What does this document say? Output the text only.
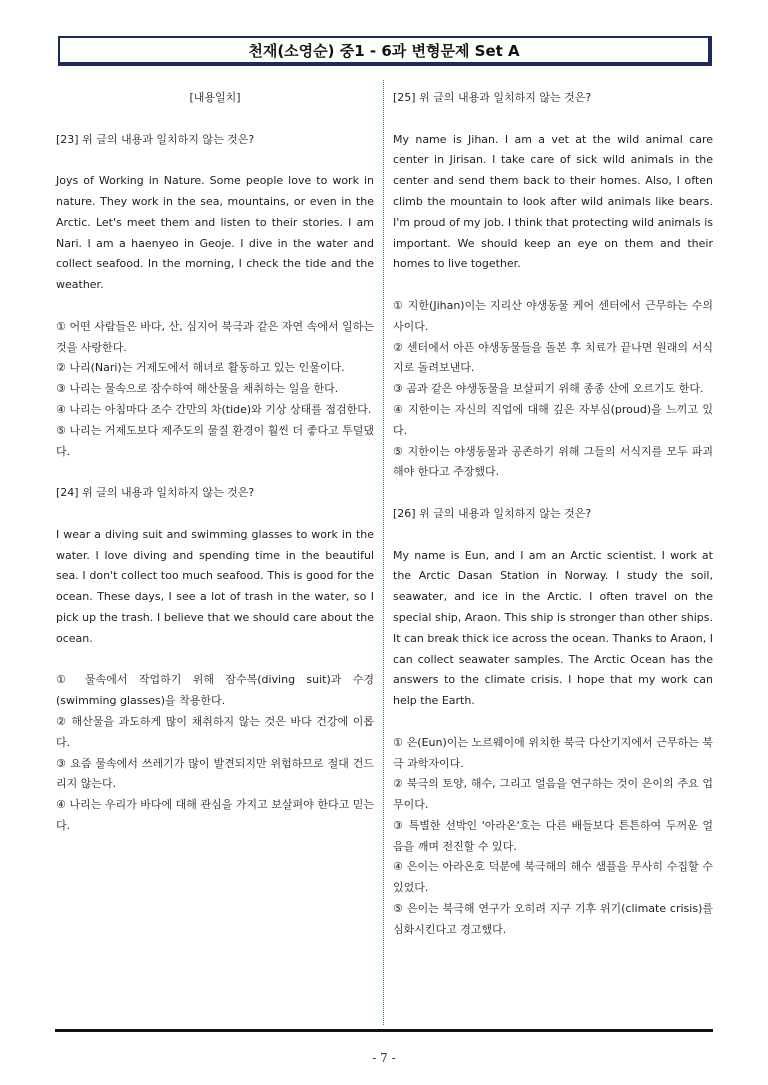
천재(소영순) 중1 - 6과 변형문제 Set A

[내용일치]

[23] 위 글의 내용과 일치하지 않는 것은?

Joys of Working in Nature. Some people love to work in nature. They work in the sea, mountains, or even in the Arctic. Let's meet them and listen to their stories. I am Nari. I am a haenyeo in Geoje. I dive in the water and collect seafood. In the morning, I check the tide and the weather.

① 어떤 사람들은 바다, 산, 심지어 북극과 같은 자연 속에서 일하는 것을 사랑한다.

② 나리(Nari)는 거제도에서 해녀로 활동하고 있는 인물이다.

③ 나리는 물속으로 잠수하여 해산물을 채취하는 일을 한다.

④ 나리는 아침마다 조수 간만의 차(tide)와 기상 상태를 점검한다.

⑤ 나리는 거제도보다 제주도의 물질 환경이 훨씬 더 좋다고 투덜댔다.

[24] 위 글의 내용과 일치하지 않는 것은?

I wear a diving suit and swimming glasses to work in the water. I love diving and spending time in the beautiful sea. I don't collect too much seafood. This is good for the ocean. These days, I see a lot of trash in the water, so I pick up the trash. I believe that we should care about the ocean.

① 물속에서 작업하기 위해 잠수복(diving suit)과 수경(swimming glasses)을 착용한다.

② 해산물을 과도하게 많이 채취하지 않는 것은 바다 건강에 이롭다.

③ 요즘 물속에서 쓰레기가 많이 발견되지만 위험하므로 절대 건드리지 않는다.

④ 나리는 우리가 바다에 대해 관심을 가지고 보살펴야 한다고 믿는다.

[25] 위 글의 내용과 일치하지 않는 것은?

My name is Jihan. I am a vet at the wild animal care center in Jirisan. I take care of sick wild animals in the center and send them back to their homes. Also, I often climb the mountain to look after wild animals like bears. I'm proud of my job. I think that protecting wild animals is important. We should keep an eye on them and their homes to live together.

① 지한(Jihan)이는 지리산 야생동물 케어 센터에서 근무하는 수의사이다.

② 센터에서 아픈 야생동물들을 돌본 후 치료가 끝나면 원래의 서식지로 돌려보낸다.

③ 곰과 같은 야생동물을 보살피기 위해 종종 산에 오르기도 한다.

④ 지한이는 자신의 직업에 대해 깊은 자부심(proud)을 느끼고 있다.

⑤ 지한이는 야생동물과 공존하기 위해 그들의 서식지를 모두 파괴해야 한다고 주장했다.

[26] 위 글의 내용과 일치하지 않는 것은?

My name is Eun, and I am an Arctic scientist. I work at the Arctic Dasan Station in Norway. I study the soil, seawater, and ice in the Arctic. I often travel on the special ship, Araon. This ship is stronger than other ships. It can break thick ice across the ocean. Thanks to Araon, I can collect seawater samples. The Arctic Ocean has the answers to the climate crisis. I hope that my work can help the Earth.

① 은(Eun)이는 노르웨이에 위치한 북극 다산기지에서 근무하는 북극 과학자이다.

② 북극의 토양, 해수, 그리고 얼음을 연구하는 것이 은이의 주요 업무이다.

③ 특별한 선박인 '아라온'호는 다른 배들보다 튼튼하여 두꺼운 얼음을 깨며 전진할 수 있다.

④ 은이는 아라온호 덕분에 북극해의 해수 샘플을 무사히 수집할 수 있었다.

⑤ 은이는 북극해 연구가 오히려 지구 기후 위기(climate crisis)를 심화시킨다고 경고했다.

- 7 -
